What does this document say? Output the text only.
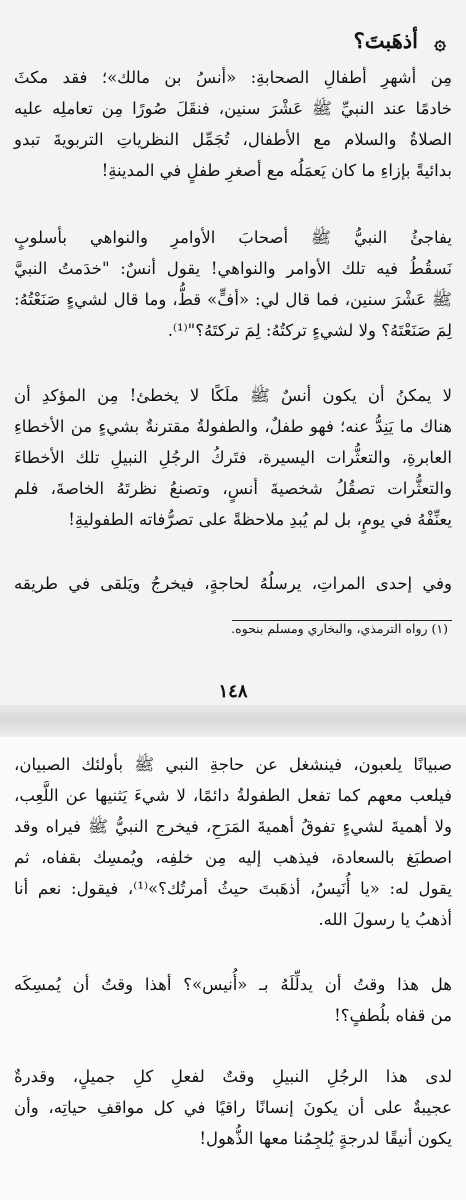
أذهَبتَ؟ ۞
مِن أشهرِ أطفالِ الصحابةِ: «أنسُ بن مالك»؛ فقد مكثَ
خادمًا عند النبيِّ ﷺ عَشْرَ سنين، فنقَلَ صُورًا مِن تعاملِه عليه
الصلاةُ والسلام مع الأطفال، تُجَمِّل النظرياتِ التربويةَ تبدو
بدائيةً بإزاءِ ما كان يَعمَلُه مع أصغرِ طفلٍ في المدينةِ!
يفاجئُ النبيُّ ﷺ أصحابَ الأوامرِ والنواهي بأسلوبٍ
نَسقُطُ فيه تلك الأوامر والنواهي! يقول أنسٌ: "خدَمتُ النبيَّ
ﷺ عَشْرَ سنين، فما قال لي: «أفٍّ» قطُّ، وما قال لشيءٍ صَنَعْتُهُ:
لِمَ صَنَعْتَهُ؟ ولا لشيءٍ تركتُهُ: لِمَ تركتَهُ؟"⁽¹⁾.
لا يمكنُ أن يكون أنسٌ ﷺ ملَكًا لا يخطئ! مِن المؤكدِ أن
هناك ما يَنِدُّ عنه؛ فهو طفلٌ، والطفولةُ مقترنةٌ بشيءٍ من الأخطاءِ
العابرةِ، والتعثُّرات اليسيرة، فتَركُ الرجُلِ النبيلِ تلك الأخطاءَ
والتعثُّرات تصقُلُ شخصيةَ أنسٍ، وتصنعُ نظرتَهُ الخاصةَ، فلم
يعنِّفْهُ في يومٍ، بل لم يُبدِ ملاحظةً على تصرُّفاته الطفوليةِ!
وفي إحدى المراتِ، يرسلُهُ لحاجةٍ، فيخرجُ ويَلقى في طريقه
(١) رواه الترمذي، والبخاري ومسلم بنحوه.
١٤٨
صبيانًا يلعبون، فينشغل عن حاجةِ النبي ﷺ بأولئك الصبيان،
فيلعب معهم كما تفعل الطفولةُ دائمًا، لا شيءَ يَثنيها عن اللَّعِب،
ولا أهميةَ لشيءٍ تفوقُ أهميةَ المَرَحِ، فيخرج النبيُّ ﷺ فيراه وقد
اصطبَغ بالسعادة، فيذهب إليه مِن خلفِه، ويُمسِك بقفاه، ثم
يقول له: «يا أُنَيسُ، أذهَبتَ حيثُ أمرتُك؟»⁽¹⁾، فيقول: نعم أنا
أذهبُ يا رسولَ الله.
هل هذا وقتُ أن يدلِّلَهُ بـ «أُنيس»؟ أهذا وقتُ أن يُمسِكَه
من قفاه بلُطفٍ؟!
لدى هذا الرجُلِ النبيلِ وقتٌ لفعلِ كلِ جميلٍ، وقدرةٌ
عجيبةٌ على أن يكونَ إنسانًا راقيًا في كل مواقفِ حياتِه، وأن
يكون أنيقًا لدرجةٍ يُلجِمُنا معها الذُّهول!
